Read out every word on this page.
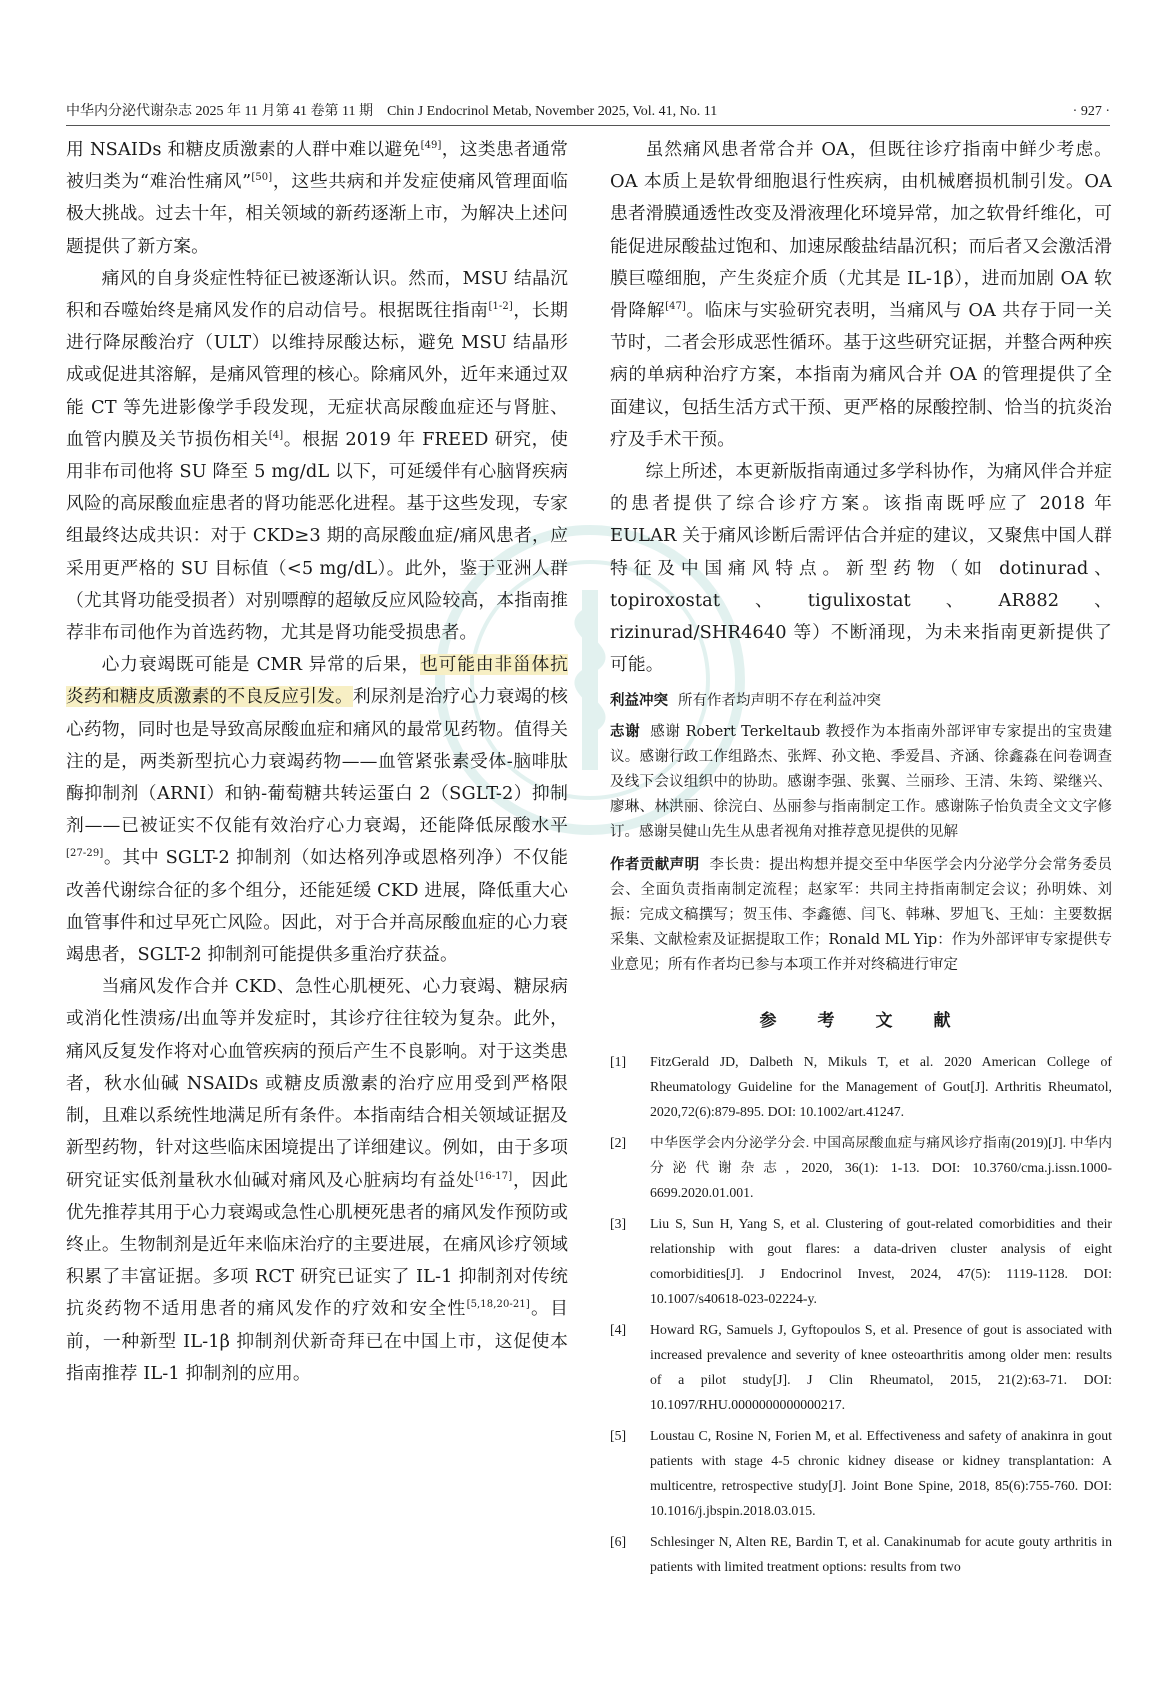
中华内分泌代谢杂志 2025 年 11 月第 41 卷第 11 期　Chin J Endocrinol Metab, November 2025, Vol. 41, No. 11	· 927 ·

用 NSAIDs 和糖皮质激素的人群中难以避免[49]，这类患者通常被归类为“难治性痛风”[50]，这些共病和并发症使痛风管理面临极大挑战。过去十年，相关领域的新药逐渐上市，为解决上述问题提供了新方案。

痛风的自身炎症性特征已被逐渐认识。然而，MSU 结晶沉积和吞噬始终是痛风发作的启动信号。根据既往指南[1-2]，长期进行降尿酸治疗（ULT）以维持尿酸达标，避免 MSU 结晶形成或促进其溶解，是痛风管理的核心。除痛风外，近年来通过双能 CT 等先进影像学手段发现，无症状高尿酸血症还与肾脏、血管内膜及关节损伤相关[4]。根据 2019 年 FREED 研究，使用非布司他将 SU 降至 5 mg/dL 以下，可延缓伴有心脑肾疾病风险的高尿酸血症患者的肾功能恶化进程。基于这些发现，专家组最终达成共识：对于 CKD≥3 期的高尿酸血症/痛风患者，应采用更严格的 SU 目标值（<5 mg/dL）。此外，鉴于亚洲人群（尤其肾功能受损者）对别嘌醇的超敏反应风险较高，本指南推荐非布司他作为首选药物，尤其是肾功能受损患者。

心力衰竭既可能是 CMR 异常的后果，也可能由非甾体抗炎药和糖皮质激素的不良反应引发。利尿剂是治疗心力衰竭的核心药物，同时也是导致高尿酸血症和痛风的最常见药物。值得关注的是，两类新型抗心力衰竭药物——血管紧张素受体-脑啡肽酶抑制剂（ARNI）和钠-葡萄糖共转运蛋白 2（SGLT-2）抑制剂——已被证实不仅能有效治疗心力衰竭，还能降低尿酸水平[27-29]。其中 SGLT-2 抑制剂（如达格列净或恩格列净）不仅能改善代谢综合征的多个组分，还能延缓 CKD 进展，降低重大心血管事件和过早死亡风险。因此，对于合并高尿酸血症的心力衰竭患者，SGLT-2 抑制剂可能提供多重治疗获益。

当痛风发作合并 CKD、急性心肌梗死、心力衰竭、糖尿病或消化性溃疡/出血等并发症时，其诊疗往往较为复杂。此外，痛风反复发作将对心血管疾病的预后产生不良影响。对于这类患者，秋水仙碱 NSAIDs 或糖皮质激素的治疗应用受到严格限制，且难以系统性地满足所有条件。本指南结合相关领域证据及新型药物，针对这些临床困境提出了详细建议。例如，由于多项研究证实低剂量秋水仙碱对痛风及心脏病均有益处[16-17]，因此优先推荐其用于心力衰竭或急性心肌梗死患者的痛风发作预防或终止。生物制剂是近年来临床治疗的主要进展，在痛风诊疗领域积累了丰富证据。多项 RCT 研究已证实了 IL-1 抑制剂对传统抗炎药物不适用患者的痛风发作的疗效和安全性[5,18,20-21]。目前，一种新型 IL-1β 抑制剂伏新奇拜已在中国上市，这促使本指南推荐 IL-1 抑制剂的应用。

虽然痛风患者常合并 OA，但既往诊疗指南中鲜少考虑。OA 本质上是软骨细胞退行性疾病，由机械磨损机制引发。OA 患者滑膜通透性改变及滑液理化环境异常，加之软骨纤维化，可能促进尿酸盐过饱和、加速尿酸盐结晶沉积；而后者又会激活滑膜巨噬细胞，产生炎症介质（尤其是 IL-1β），进而加剧 OA 软骨降解[47]。临床与实验研究表明，当痛风与 OA 共存于同一关节时，二者会形成恶性循环。基于这些研究证据，并整合两种疾病的单病种治疗方案，本指南为痛风合并 OA 的管理提供了全面建议，包括生活方式干预、更严格的尿酸控制、恰当的抗炎治疗及手术干预。

综上所述，本更新版指南通过多学科协作，为痛风伴合并症的患者提供了综合诊疗方案。该指南既呼应了 2018 年 EULAR 关于痛风诊断后需评估合并症的建议，又聚焦中国人群特征及中国痛风特点。新型药物（如 dotinurad、topiroxostat、tigulixostat、AR882、rizinurad/SHR4640 等）不断涌现，为未来指南更新提供了可能。

利益冲突 所有作者均声明不存在利益冲突

志谢 感谢 Robert Terkeltaub 教授作为本指南外部评审专家提出的宝贵建议。感谢行政工作组路杰、张辉、孙文艳、季爱昌、齐涵、徐鑫淼在问卷调查及线下会议组织中的协助。感谢李强、张翼、兰丽珍、王清、朱筠、梁继兴、廖琳、林洪丽、徐浣白、丛丽参与指南制定工作。感谢陈子怡负责全文文字修订。感谢吴健山先生从患者视角对推荐意见提供的见解

作者贡献声明 李长贵：提出构想并提交至中华医学会内分泌学分会常务委员会、全面负责指南制定流程；赵家军：共同主持指南制定会议；孙明姝、刘振：完成文稿撰写；贺玉伟、李鑫德、闫飞、韩琳、罗旭飞、王灿：主要数据采集、文献检索及证据提取工作；Ronald ML Yip：作为外部评审专家提供专业意见；所有作者均已参与本项工作并对终稿进行审定

参　考　文　献
[1]	FitzGerald JD, Dalbeth N, Mikuls T, et al. 2020 American College of Rheumatology Guideline for the Management of Gout[J]. Arthritis Rheumatol, 2020,72(6):879-895. DOI: 10.1002/art.41247.
[2]	中华医学会内分泌学分会. 中国高尿酸血症与痛风诊疗指南(2019)[J]. 中华内分泌代谢杂志, 2020, 36(1): 1-13. DOI: 10.3760/cma.j.issn.1000-6699.2020.01.001.
[3]	Liu S, Sun H, Yang S, et al. Clustering of gout-related comorbidities and their relationship with gout flares: a data-driven cluster analysis of eight comorbidities[J]. J Endocrinol Invest, 2024, 47(5): 1119-1128. DOI: 10.1007/s40618-023-02224-y.
[4]	Howard RG, Samuels J, Gyftopoulos S, et al. Presence of gout is associated with increased prevalence and severity of knee osteoarthritis among older men: results of a pilot study[J]. J Clin Rheumatol, 2015, 21(2):63-71. DOI: 10.1097/RHU.0000000000000217.
[5]	Loustau C, Rosine N, Forien M, et al. Effectiveness and safety of anakinra in gout patients with stage 4-5 chronic kidney disease or kidney transplantation: A multicentre, retrospective study[J]. Joint Bone Spine, 2018, 85(6):755-760. DOI: 10.1016/j.jbspin.2018.03.015.
[6]	Schlesinger N, Alten RE, Bardin T, et al. Canakinumab for acute gouty arthritis in patients with limited treatment options: results from two
